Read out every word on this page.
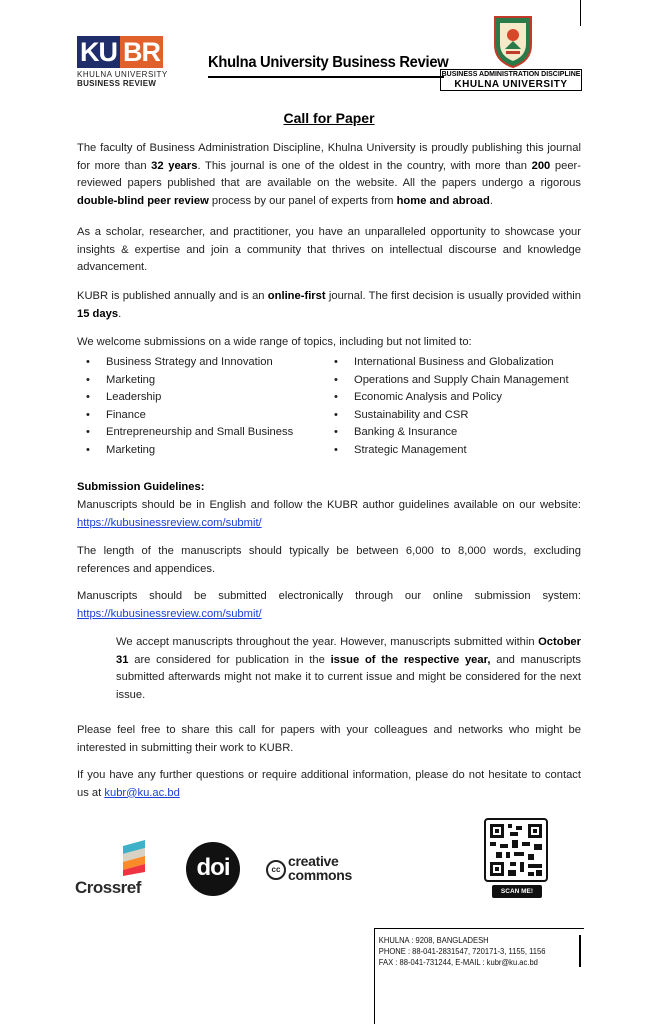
KU BR
KHULNA UNIVERSITY
BUSINESS REVIEW
Khulna University Business Review
BUSINESS ADMINISTRATION DISCIPLINE
KHULNA UNIVERSITY
Call for Paper
The faculty of Business Administration Discipline, Khulna University is proudly publishing this journal for more than 32 years. This journal is one of the oldest in the country, with more than 200 peer-reviewed papers published that are available on the website. All the papers undergo a rigorous double-blind peer review process by our panel of experts from home and abroad.
As a scholar, researcher, and practitioner, you have an unparalleled opportunity to showcase your insights & expertise and join a community that thrives on intellectual discourse and knowledge advancement.
KUBR is published annually and is an online-first journal. The first decision is usually provided within 15 days.
We welcome submissions on a wide range of topics, including but not limited to:
• Business Strategy and Innovation
• Marketing
• Leadership
• Finance
• Entrepreneurship and Small Business
• Marketing
• International Business and Globalization
• Operations and Supply Chain Management
• Economic Analysis and Policy
• Sustainability and CSR
• Banking & Insurance
• Strategic Management
Submission Guidelines:
Manuscripts should be in English and follow the KUBR author guidelines available on our website: https://kubusinessreview.com/submit/
The length of the manuscripts should typically be between 6,000 to 8,000 words, excluding references and appendices.
Manuscripts should be submitted electronically through our online submission system: https://kubusinessreview.com/submit/
We accept manuscripts throughout the year. However, manuscripts submitted within October 31 are considered for publication in the issue of the respective year, and manuscripts submitted afterwards might not make it to current issue and might be considered for the next issue.
Please feel free to share this call for papers with your colleagues and networks who might be interested in submitting their work to KUBR.
If you have any further questions or require additional information, please do not hesitate to contact us at kubr@ku.ac.bd
Crossref
doi	cc
creative
commons
SCAN ME!
KHULNA : 9208, BANGLADESH
PHONE : 88-041-2831547, 720171-3, 1155, 1156
FAX : 88-041-731244, E-MAIL : kubr@ku.ac.bd
